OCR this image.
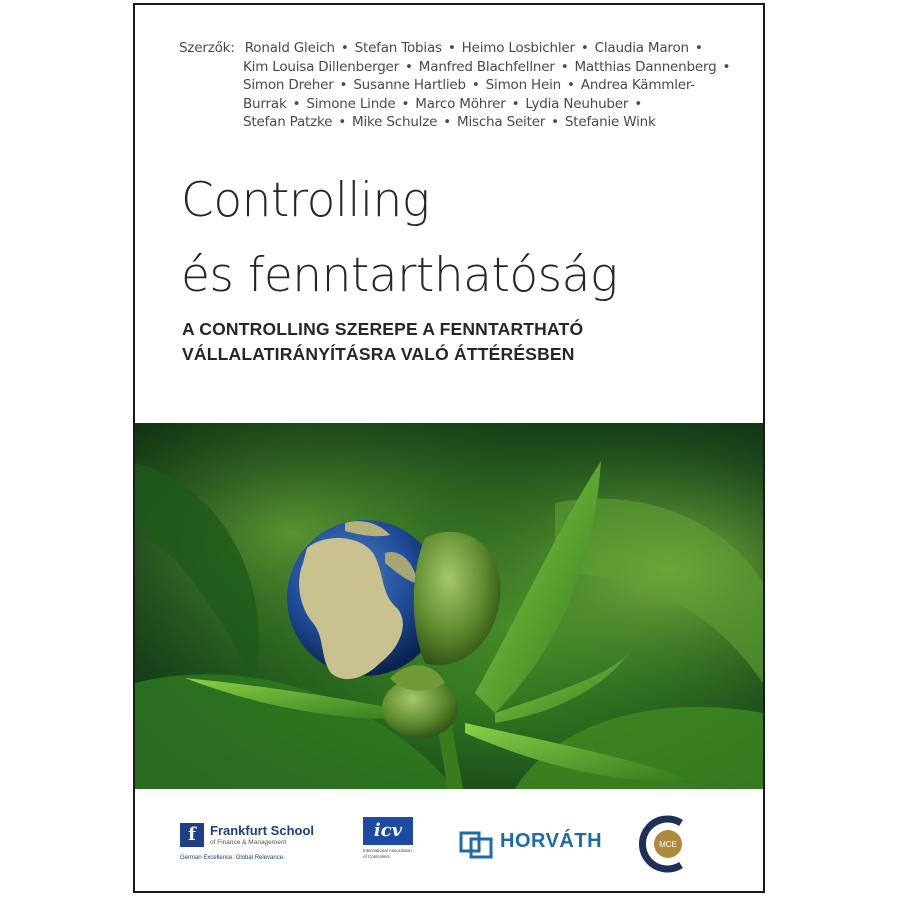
Szerzők: Ronald Gleich • Stefan Tobias • Heimo Losbichler • Claudia Maron •
Kim Louisa Dillenberger • Manfred Blachfellner • Matthias Dannenberg •
Simon Dreher • Susanne Hartlieb • Simon Hein • Andrea Kämmler-
Burrak • Simone Linde • Marco Möhrer • Lydia Neuhuber •
Stefan Patzke • Mike Schulze • Mischa Seiter • Stefanie Wink
Controlling
és fenntarthatóság
A CONTROLLING SZEREPE A FENNTARTHATÓ
VÁLLALATIRÁNYÍTÁSRA VALÓ ÁTTÉRÉSBEN
f	Frankfurt School
of Finance & Management
German Excellence. Global Relevance.
icv
International Association of Controllers
HORVÁTH	MCE
